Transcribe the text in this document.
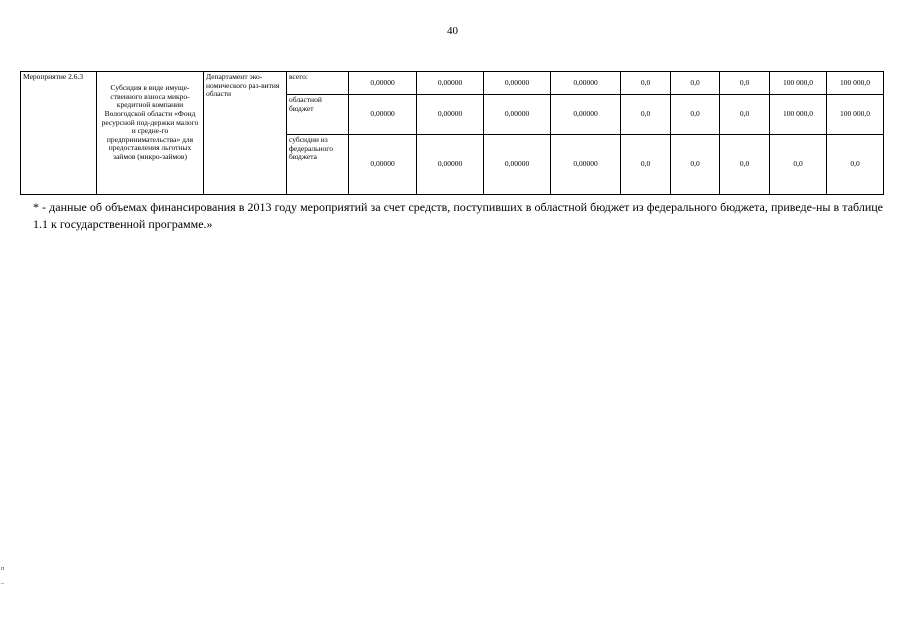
40
Мероприятие 2.6.3	Субсидия в виде имуще-ственного взноса микро-кредитной компании Вологодской области «Фонд ресурсной под-держки малого и средне-го предпринимательства» для предоставления льготных займов (микро-займов)	Департамент эко-номического раз-вития области	всего:	0,00000	0,00000	0,00000	0,00000	0,0	0,0	0,0	100 000,0	100 000,0
			областной бюджет	0,00000	0,00000	0,00000	0,00000	0,0	0,0	0,0	100 000,0	100 000,0
			субсидии из федерального бюджета	0,00000	0,00000	0,00000	0,00000	0,0	0,0	0,0	0,0	0,0
* - данные об объемах финансирования в 2013 году мероприятий за счет средств, поступивших в областной бюджет из федерального бюджета, приведе-ны в таблице 1.1 к государственной программе.»
п
–
